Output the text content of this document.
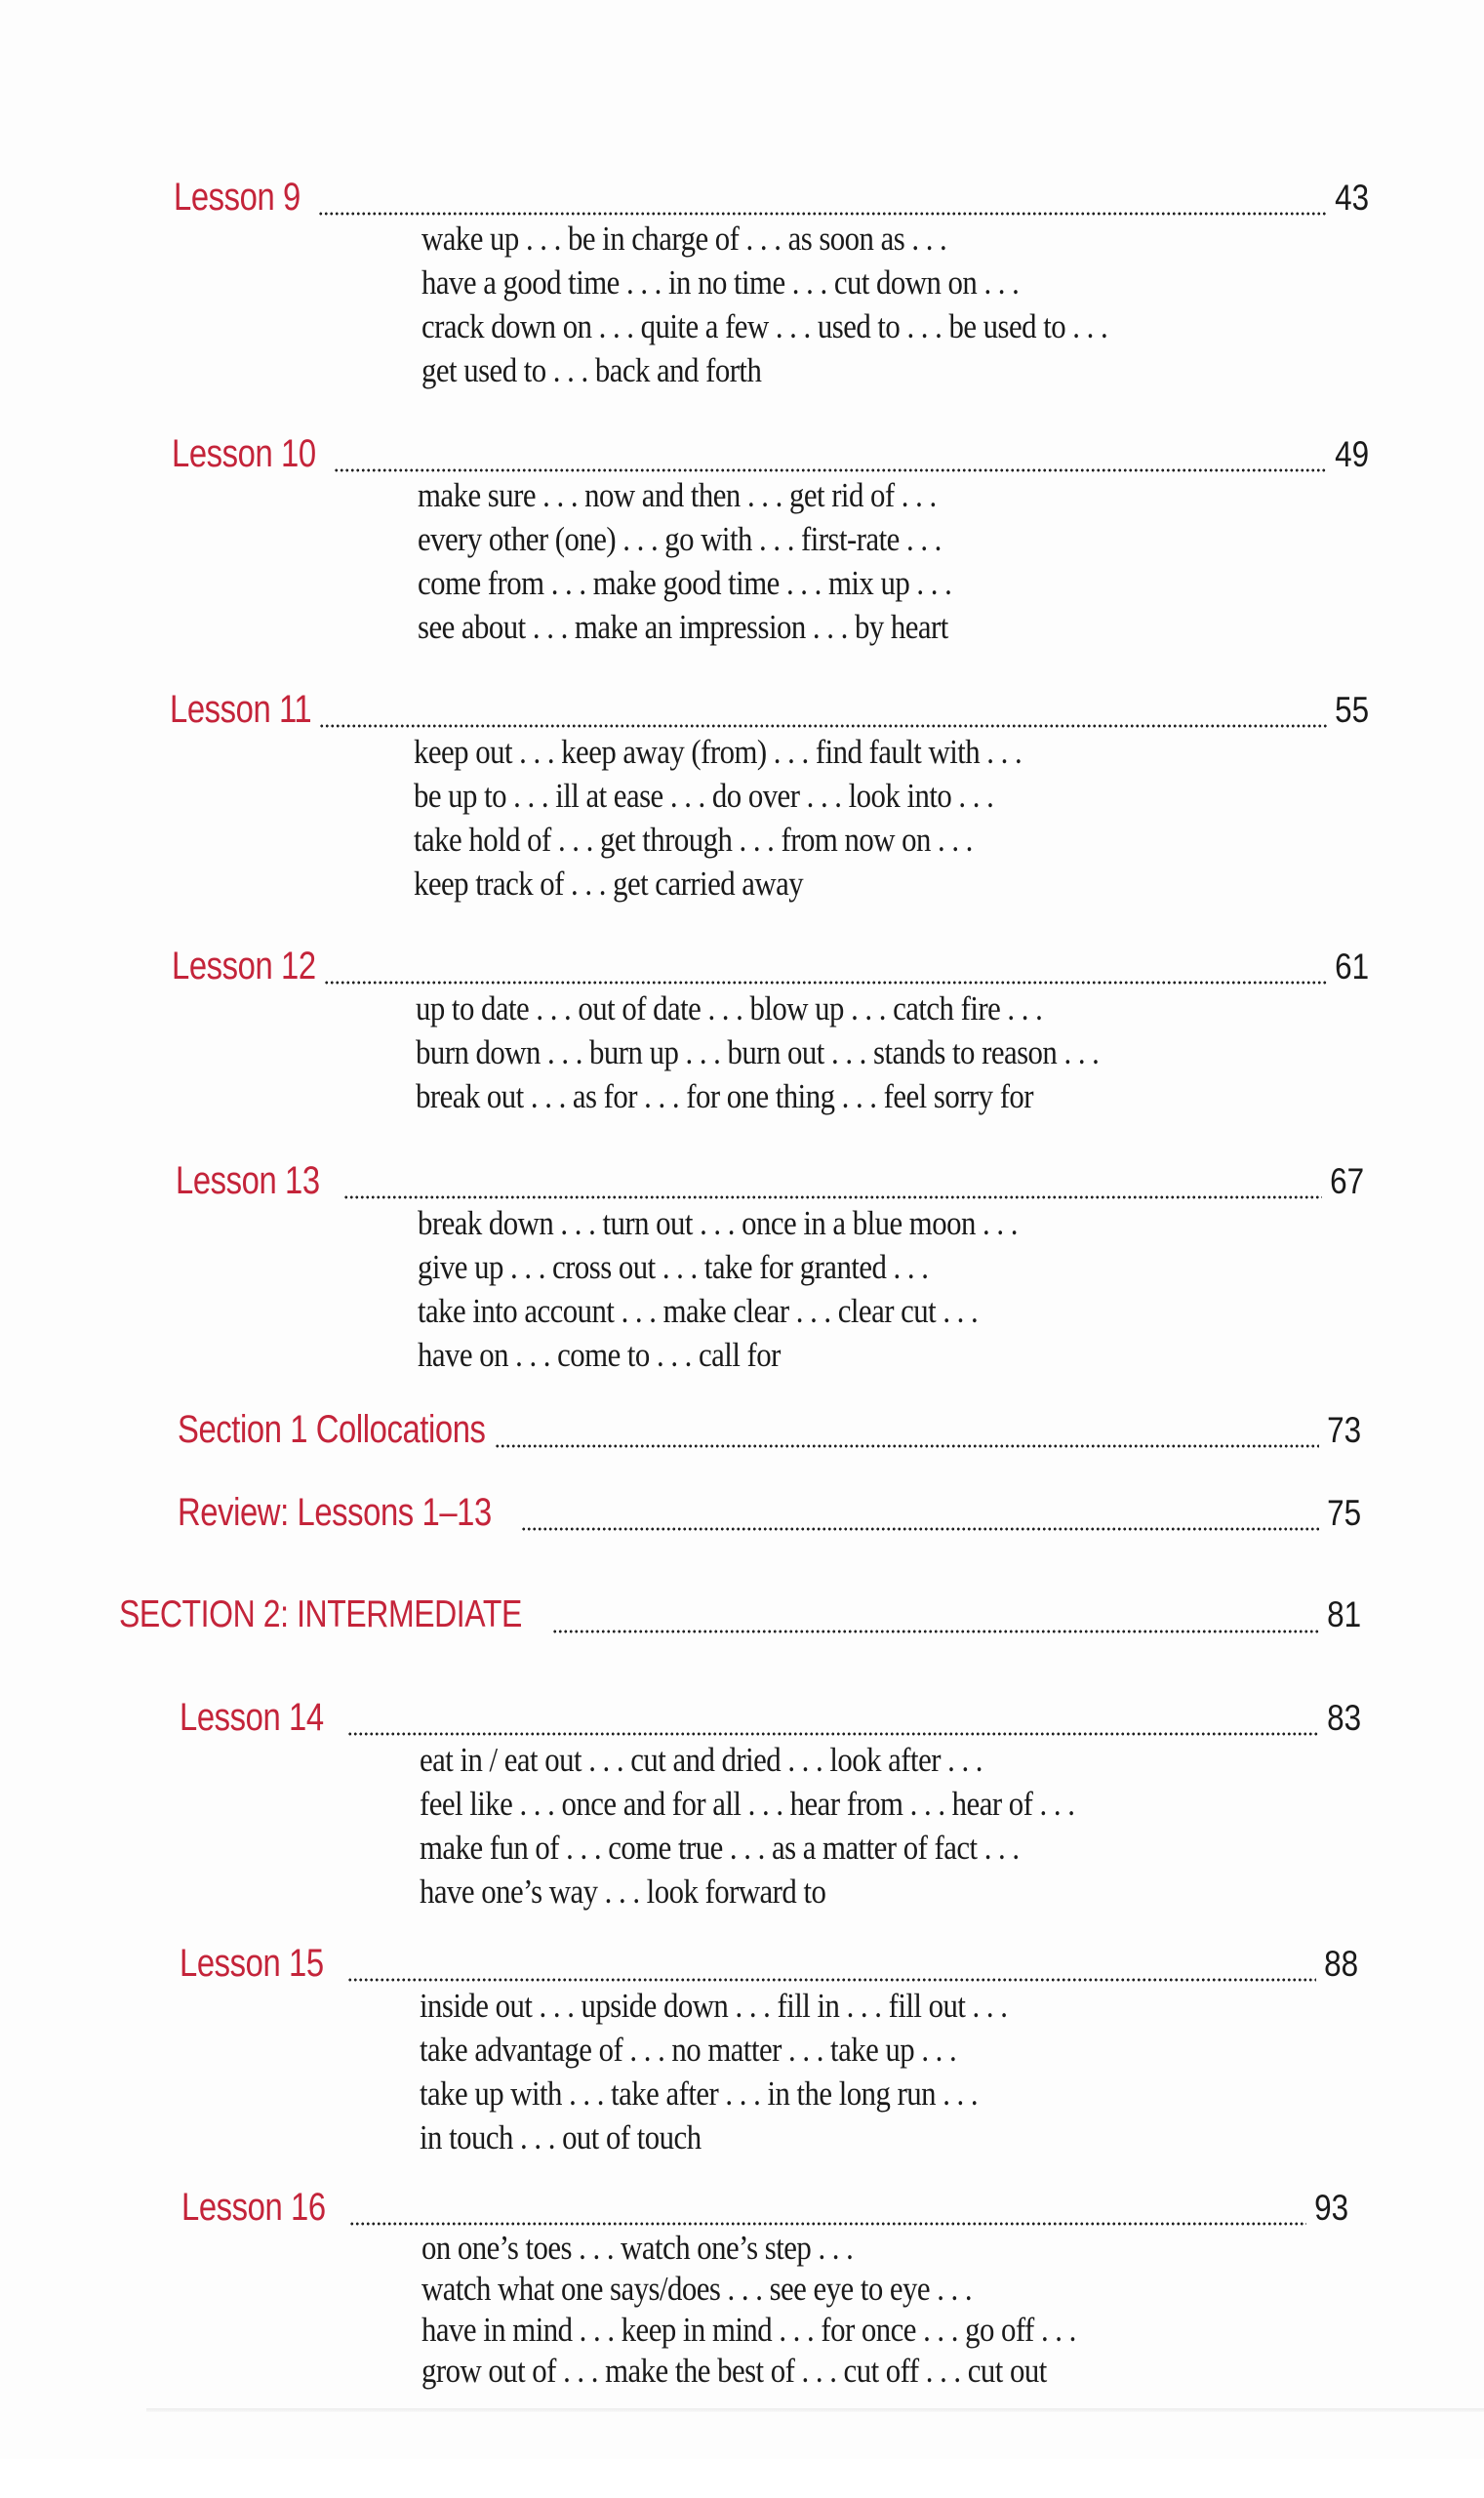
Lesson 9	43
wake up . . . be in charge of . . . as soon as . . .
have a good time . . . in no time . . . cut down on . . .
crack down on . . . quite a few . . . used to . . . be used to . . .
get used to . . . back and forth
Lesson 10	49
make sure . . . now and then . . . get rid of . . .
every other (one) . . . go with . . . first-rate . . .
come from . . . make good time . . . mix up . . .
see about . . . make an impression . . . by heart
Lesson 11	55
keep out . . . keep away (from) . . . find fault with . . .
be up to . . . ill at ease . . . do over . . . look into . . .
take hold of . . . get through . . . from now on . . .
keep track of . . . get carried away
Lesson 12	61
up to date . . . out of date . . . blow up . . . catch fire . . .
burn down . . . burn up . . . burn out . . . stands to reason . . .
break out . . . as for . . . for one thing . . . feel sorry for
Lesson 13	67
break down . . . turn out . . . once in a blue moon . . .
give up . . . cross out . . . take for granted . . .
take into account . . . make clear . . . clear cut . . .
have on . . . come to . . . call for
Section 1 Collocations	73
Review: Lessons 1–13	75
SECTION 2: INTERMEDIATE	81
Lesson 14	83
eat in / eat out . . . cut and dried . . . look after . . .
feel like . . . once and for all . . . hear from . . . hear of . . .
make fun of . . . come true . . . as a matter of fact . . .
have one’s way . . . look forward to
Lesson 15	88
inside out . . . upside down . . . fill in . . . fill out . . .
take advantage of . . . no matter . . . take up . . .
take up with . . . take after . . . in the long run . . .
in touch . . . out of touch
Lesson 16	93
on one’s toes . . . watch one’s step . . .
watch what one says/does . . . see eye to eye . . .
have in mind . . . keep in mind . . . for once . . . go off . . .
grow out of . . . make the best of . . . cut off . . . cut out
